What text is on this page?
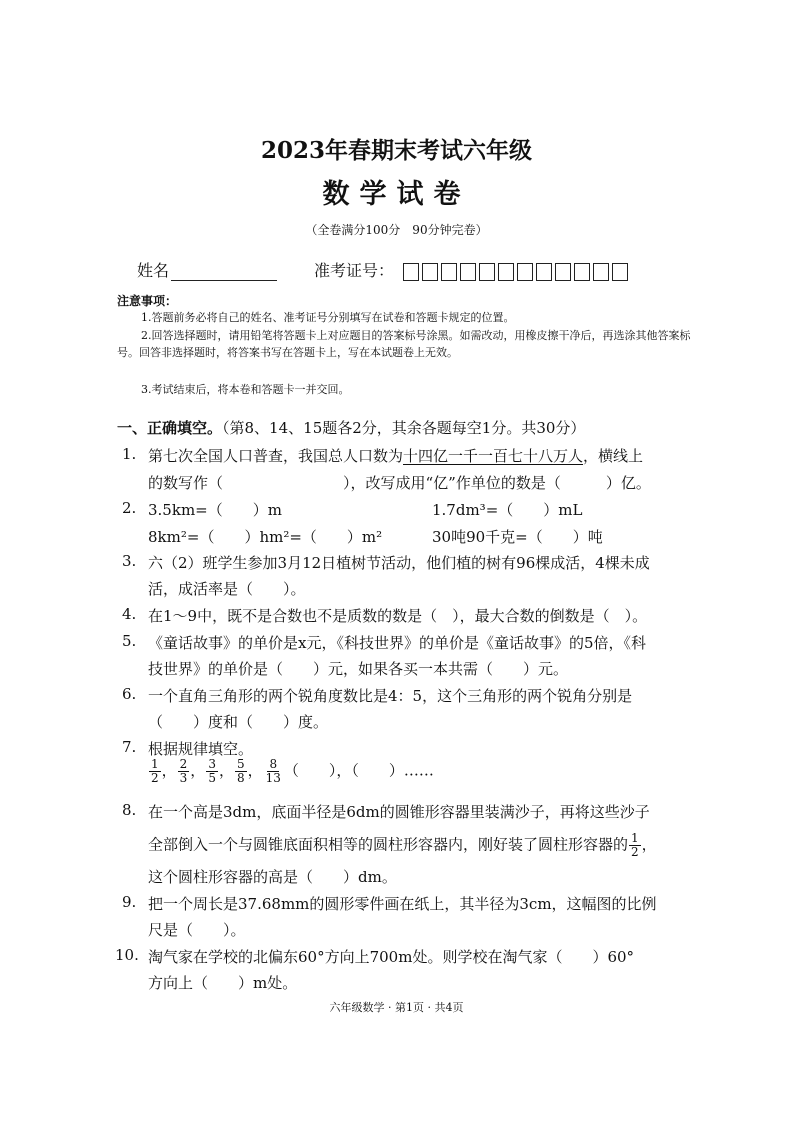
2023年春期末考试六年级
数学试卷
（全卷满分100分　90分钟完卷）
姓名	准考证号：
注意事项：
1.答题前务必将自己的姓名、准考证号分别填写在试卷和答题卡规定的位置。
2.回答选择题时，请用铅笔将答题卡上对应题目的答案标号涂黑。如需改动，用橡皮擦干净后，再选涂其他答案标号。回答非选择题时，将答案书写在答题卡上，写在本试题卷上无效。
3.考试结束后，将本卷和答题卡一并交回。
一、正确填空。（第8、14、15题各2分，其余各题每空1分。共30分）
1. 第七次全国人口普查，我国总人口数为十四亿一千一百七十八万人，横线上
的数写作（　　　　　　　　），改写成用“亿”作单位的数是（　　　）亿。
2. 3.5km=（　　）m	1.7dm³=（　　）mL
8km²=（　　）hm²=（　　）m²	30吨90千克=（　　）吨
3. 六（2）班学生参加3月12日植树节活动，他们植的树有96棵成活，4棵未成
活，成活率是（　　）。
4. 在1～9中，既不是合数也不是质数的数是（　），最大合数的倒数是（　）。
5. 《童话故事》的单价是x元，《科技世界》的单价是《童话故事》的5倍，《科
技世界》的单价是（　　）元，如果各买一本共需（　　）元。
6. 一个直角三角形的两个锐角度数比是4：5，这个三角形的两个锐角分别是
（　　）度和（　　）度。
7. 根据规律填空。
$\frac{1}{2}$ ， $\frac{2}{3}$ ， $\frac{3}{5}$ ， $\frac{5}{8}$ ， $\frac{8}{13}$ （　　），（　　）……
8. 在一个高是3dm，底面半径是6dm的圆锥形容器里装满沙子，再将这些沙子
全部倒入一个与圆锥底面积相等的圆柱形容器内，刚好装了圆柱形容器的 $\frac{1}{2}$ ，
这个圆柱形容器的高是（　　）dm。
9. 把一个周长是37.68mm的圆形零件画在纸上，其半径为3cm，这幅图的比例
尺是（　　）。
10. 淘气家在学校的北偏东60°方向上700m处。则学校在淘气家（　　）60°
方向上（　　）m处。
六年级数学 · 第1页 · 共4页
